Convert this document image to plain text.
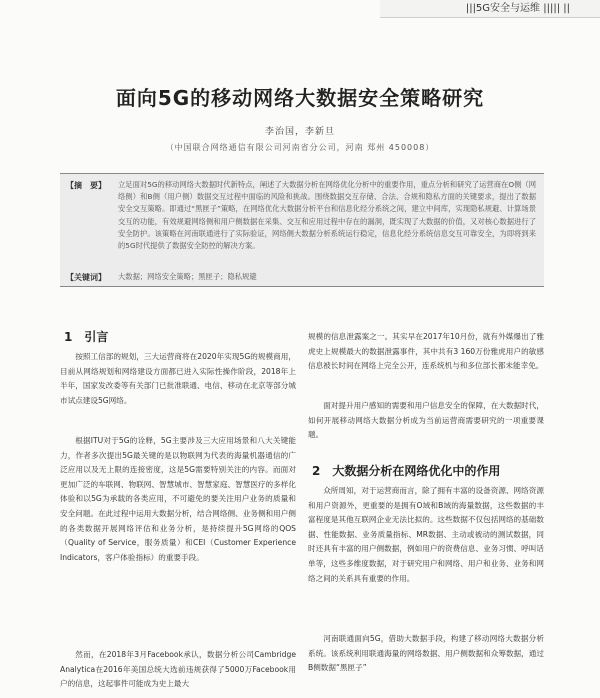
|||5G安全与运维 ||||| ||
面向5G的移动网络大数据安全策略研究
李治国，李新旦
（中国联合网络通信有限公司河南省分公司，河南 郑州 450008）
【摘　要】 立足面对5G的移动网络大数据时代新特点，阐述了大数据分析在网络优化分析中的重要作用，重点分析和研究了运营商在O侧（网络侧）和B侧（用户侧）数据交互过程中面临的风险和挑战。围绕数据交互存储、合法、合规和隐私方面的关键要求，提出了数据安全交互策略。即通过“黑匣子”策略，在网络优化大数据分析平台和信息化经分系统之间，建立中间库，实现隐私规避、计算场景交互的功能，有效规避网络侧和用户侧数据在采集、交互和应用过程中存在的漏洞，既实现了大数据的价值，又对核心数据进行了安全防护。该策略在河南联通进行了实际验证，网络侧大数据分析系统运行稳定，信息化经分系统信息交互可靠安全，为即将到来的5G时代提供了数据安全防控的解决方案。
【关键词】 大数据；网络安全策略；黑匣子；隐私规避
1　引言

按照工信部的规划，三大运营商将在2020年实现5G的规模商用，目前从网络规划和网络建设方面都已进入实际性操作阶段，2018年上半年，国家发改委等有关部门已批准联通、电信、移动在北京等部分城市试点建设5G网络。

根据ITU对于5G的诠释，5G主要涉及三大应用场景和八大关键能力，作者多次提出5G最关键的是以物联网为代表的海量机器通信的广泛应用以及无上限的连接密度，这是5G需要特别关注的内容。而面对更加广泛的车联网、物联网、智慧城市、智慧家庭、智慧医疗的多样化体验和以5G为承载的各类应用，不可避免的要关注用户业务的质量和安全问题。在此过程中运用大数据分析，结合网络侧、业务侧和用户侧的各类数据开展网络评估和业务分析，是持续提升5G网络的QOS（Quality of Service，服务质量）和CEI（Customer Experience Indicators，客户体验指标）的重要手段。

然而，在2018年3月Facebook承认，数据分析公司Cambridge Analytica在2016年美国总统大选前违规获得了5000万Facebook用户的信息，这起事件可能成为史上最大

规模的信息泄露案之一。其实早在2017年10月份，就有外媒爆出了雅虎史上规模最大的数据泄露事件，其中共有3 160万份雅虎用户的敏感信息被长时间在网络上完全公开，连系统机与和多位部长都未能幸免。

面对提升用户感知的需要和用户信息安全的保障，在大数据时代，如何开展移动网络大数据分析成为当前运营商需要研究的一项重要课题。

2　大数据分析在网络优化中的作用

众所周知，对于运营商而言，除了拥有丰富的设备资源、网络资源和用户资源外，更重要的是拥有O域和B域的海量数据，这些数据的丰富程度是其他互联网企业无法比拟的。这些数据不仅包括网络的基础数据、性能数据、业务质量指标、MR数据、主动或被动的测试数据，同时还具有丰富的用户侧数据，例如用户的资费信息、业务习惯、呼叫话单等，这些多维度数据，对于研究用户和网络、用户和业务、业务和网络之间的关系具有重要的作用。

河南联通面向5G，借助大数据手段，构建了移动网络大数据分析系统。该系统利用联通海量的网络数据、用户侧数据和众筹数据，通过B侧数据“黑匣子”
